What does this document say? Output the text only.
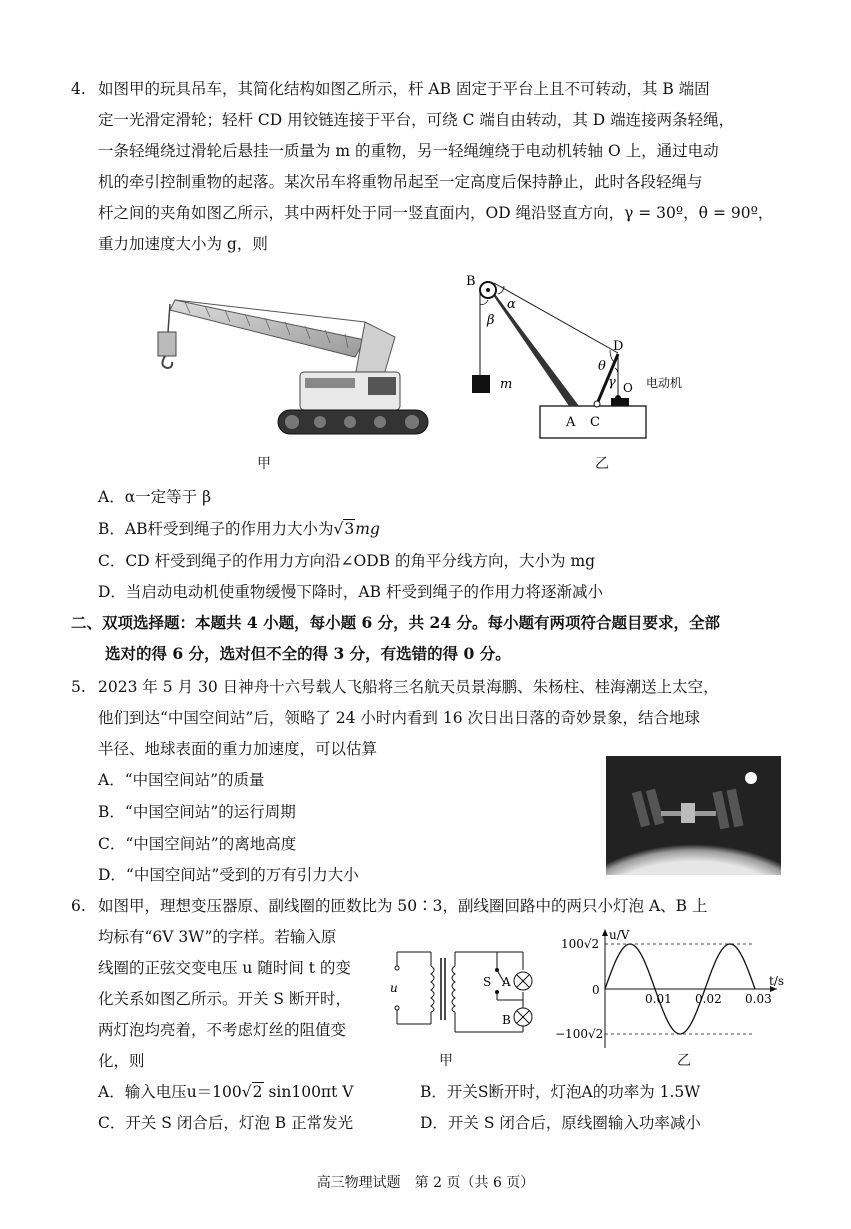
4. 如图甲的玩具吊车，其简化结构如图乙所示，杆 AB 固定于平台上且不可转动，其 B 端固
定一光滑定滑轮；轻杆 CD 用铰链连接于平台，可绕 C 端自由转动，其 D 端连接两条轻绳，
一条轻绳绕过滑轮后悬挂一质量为 m 的重物，另一轻绳缠绕于电动机转轴 O 上，通过电动
机的牵引控制重物的起落。某次吊车将重物吊起至一定高度后保持静止，此时各段轻绳与
杆之间的夹角如图乙所示，其中两杆处于同一竖直面内，OD 绳沿竖直方向，γ = 30º，θ = 90º，
重力加速度大小为 g，则
甲
B
α
β
m
D
θ
γ O 电动机
A C
乙
A．α一定等于 β
B．AB杆受到绳子的作用力大小为√3mg
C．CD 杆受到绳子的作用力方向沿∠ODB 的角平分线方向，大小为 mg
D．当启动电动机使重物缓慢下降时，AB 杆受到绳子的作用力将逐渐减小
二、双项选择题：本题共 4 小题，每小题 6 分，共 24 分。每小题有两项符合题目要求，全部
选对的得 6 分，选对但不全的得 3 分，有选错的得 0 分。
5. 2023 年 5 月 30 日神舟十六号载人飞船将三名航天员景海鹏、朱杨柱、桂海潮送上太空，
他们到达“中国空间站”后，领略了 24 小时内看到 16 次日出日落的奇妙景象，结合地球
半径、地球表面的重力加速度，可以估算
A．“中国空间站”的质量
B．“中国空间站”的运行周期
C．“中国空间站”的离地高度
D．“中国空间站”受到的万有引力大小
6. 如图甲，理想变压器原、副线圈的匝数比为 50∶3，副线圈回路中的两只小灯泡 A、B 上
均标有“6V 3W”的字样。若输入原
线圈的正弦交变电压 u 随时间 t 的变
化关系如图乙所示。开关 S 断开时，
两灯泡均亮着，不考虑灯丝的阻值变
化，则
u	S A
B
甲
u/V
t/s
0
100√2
−100√2
0.01 0.02 0.03
乙
A．输入电压u＝100√2 sin100πt V	B．开关S断开时，灯泡A的功率为 1.5W
C．开关 S 闭合后，灯泡 B 正常发光	D．开关 S 闭合后，原线圈输入功率减小
高三物理试题　第 2 页（共 6 页）
